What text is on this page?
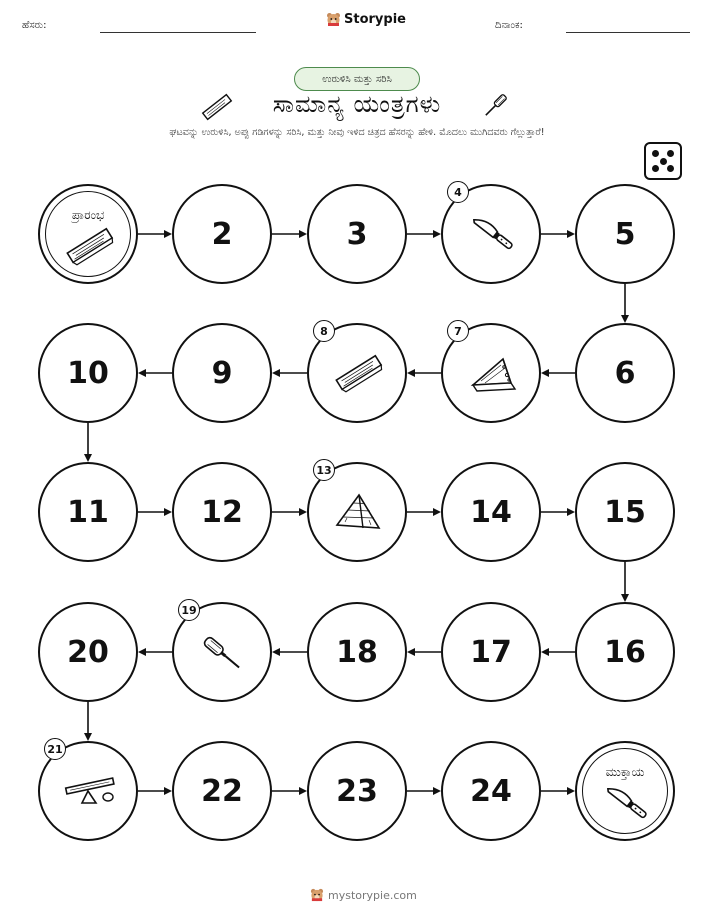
ಹೆಸರು:	Storypie	ದಿನಾಂಕ:
ಉರುಳಿಸಿ ಮತ್ತು ಸರಿಸಿ
ಸಾಮಾನ್ಯ ಯಂತ್ರಗಳು
ಘಟವನ್ನು ಉರುಳಿಸಿ, ಅಪ್ಪು ಗಡಿಗಳನ್ನು ಸರಿಸಿ, ಮತ್ತು ನೀವು ಇಳಿದ ಚಿತ್ರದ ಹೆಸರನ್ನು ಹೇಳಿ. ಮೊದಲು ಮುಗಿದವರು ಗೆಲ್ಲುತ್ತಾರೆ!
ಪ್ರಾರಂಭ
2	3
4
5
6
7
8
9
10
11	12
13
14	15
16
17
18
19
20
21
22	23	24
ಮುಕ್ತಾಯ
mystorypie.com
